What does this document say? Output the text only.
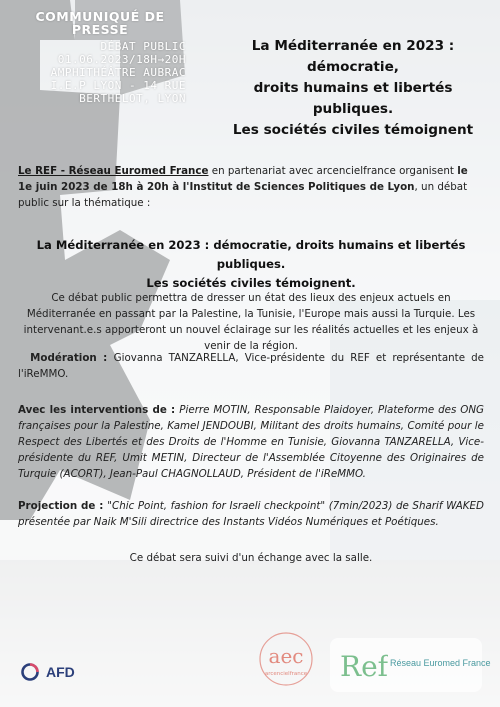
COMMUNIQUÉ DE PRESSE
DÉBAT PUBLIC
01.06.2023/18H→20H
AMPHITHÉÂTRE AUBRAC
I.E.P LYON - 14 RUE
BERTHELOT, LYON
La Méditerranée en 2023 : démocratie,
droits humains et libertés publiques.
Les sociétés civiles témoignent

Le REF - Réseau Euromed France en partenariat avec arcencielfrance organisent le 1e juin 2023 de 18h à 20h à l'Institut de Sciences Politiques de Lyon, un débat public sur la thématique :

La Méditerranée en 2023 : démocratie, droits humains et libertés publiques.
Les sociétés civiles témoignent.

Ce débat public permettra de dresser un état des lieux des enjeux actuels en Méditerranée en passant par la Palestine, la Tunisie, l'Europe mais aussi la Turquie. Les intervenant.e.s apporteront un nouvel éclairage sur les réalités actuelles et les enjeux à venir de la région.

Modération : Giovanna TANZARELLA, Vice-présidente du REF et représentante de l'iReMMO.

Avec les interventions de : Pierre MOTIN, Responsable Plaidoyer, Plateforme des ONG françaises pour la Palestine, Kamel JENDOUBI, Militant des droits humains, Comité pour le Respect des Libertés et des Droits de l'Homme en Tunisie, Giovanna TANZARELLA, Vice-présidente du REF, Umit METIN, Directeur de l'Assemblée Citoyenne des Originaires de Turquie (ACORT), Jean-Paul CHAGNOLLAUD, Président de l'iReMMO.

Projection de : "Chic Point, fashion for Israeli checkpoint" (7min/2023) de Sharif WAKED présentée par Naik M'Sili directrice des Instants Vidéos Numériques et Poétiques.

Ce débat sera suivi d'un échange avec la salle.

AFD
aec
arcencielfrance Ref Réseau Euromed France
